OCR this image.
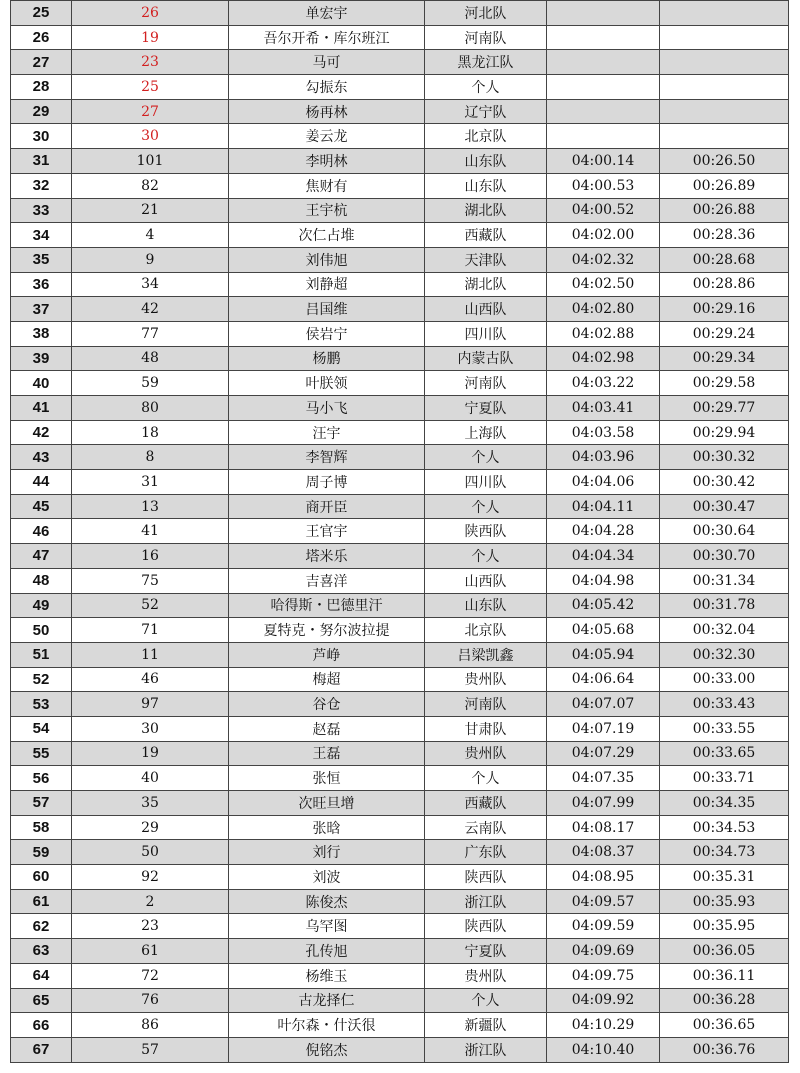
25	26	单宏宇	河北队		
26	19	吾尔开希・库尔班江	河南队		
27	23	马可	黑龙江队		
28	25	勾振东	个人		
29	27	杨再林	辽宁队		
30	30	姜云龙	北京队		
31	101	李明林	山东队	04:00.14	00:26.50
32	82	焦财有	山东队	04:00.53	00:26.89
33	21	王宇杭	湖北队	04:00.52	00:26.88
34	4	次仁占堆	西藏队	04:02.00	00:28.36
35	9	刘伟旭	天津队	04:02.32	00:28.68
36	34	刘静超	湖北队	04:02.50	00:28.86
37	42	吕国维	山西队	04:02.80	00:29.16
38	77	侯岩宁	四川队	04:02.88	00:29.24
39	48	杨鹏	内蒙古队	04:02.98	00:29.34
40	59	叶朕领	河南队	04:03.22	00:29.58
41	80	马小飞	宁夏队	04:03.41	00:29.77
42	18	汪宇	上海队	04:03.58	00:29.94
43	8	李智辉	个人	04:03.96	00:30.32
44	31	周子博	四川队	04:04.06	00:30.42
45	13	商开臣	个人	04:04.11	00:30.47
46	41	王官宇	陕西队	04:04.28	00:30.64
47	16	塔米乐	个人	04:04.34	00:30.70
48	75	吉喜洋	山西队	04:04.98	00:31.34
49	52	哈得斯・巴德里汗	山东队	04:05.42	00:31.78
50	71	夏特克・努尔波拉提	北京队	04:05.68	00:32.04
51	11	芦峥	吕梁凯鑫	04:05.94	00:32.30
52	46	梅超	贵州队	04:06.64	00:33.00
53	97	谷仓	河南队	04:07.07	00:33.43
54	30	赵磊	甘肃队	04:07.19	00:33.55
55	19	王磊	贵州队	04:07.29	00:33.65
56	40	张恒	个人	04:07.35	00:33.71
57	35	次旺旦增	西藏队	04:07.99	00:34.35
58	29	张晗	云南队	04:08.17	00:34.53
59	50	刘行	广东队	04:08.37	00:34.73
60	92	刘波	陕西队	04:08.95	00:35.31
61	2	陈俊杰	浙江队	04:09.57	00:35.93
62	23	乌罕图	陕西队	04:09.59	00:35.95
63	61	孔传旭	宁夏队	04:09.69	00:36.05
64	72	杨维玉	贵州队	04:09.75	00:36.11
65	76	古龙择仁	个人	04:09.92	00:36.28
66	86	叶尔森・什沃很	新疆队	04:10.29	00:36.65
67	57	倪铭杰	浙江队	04:10.40	00:36.76
